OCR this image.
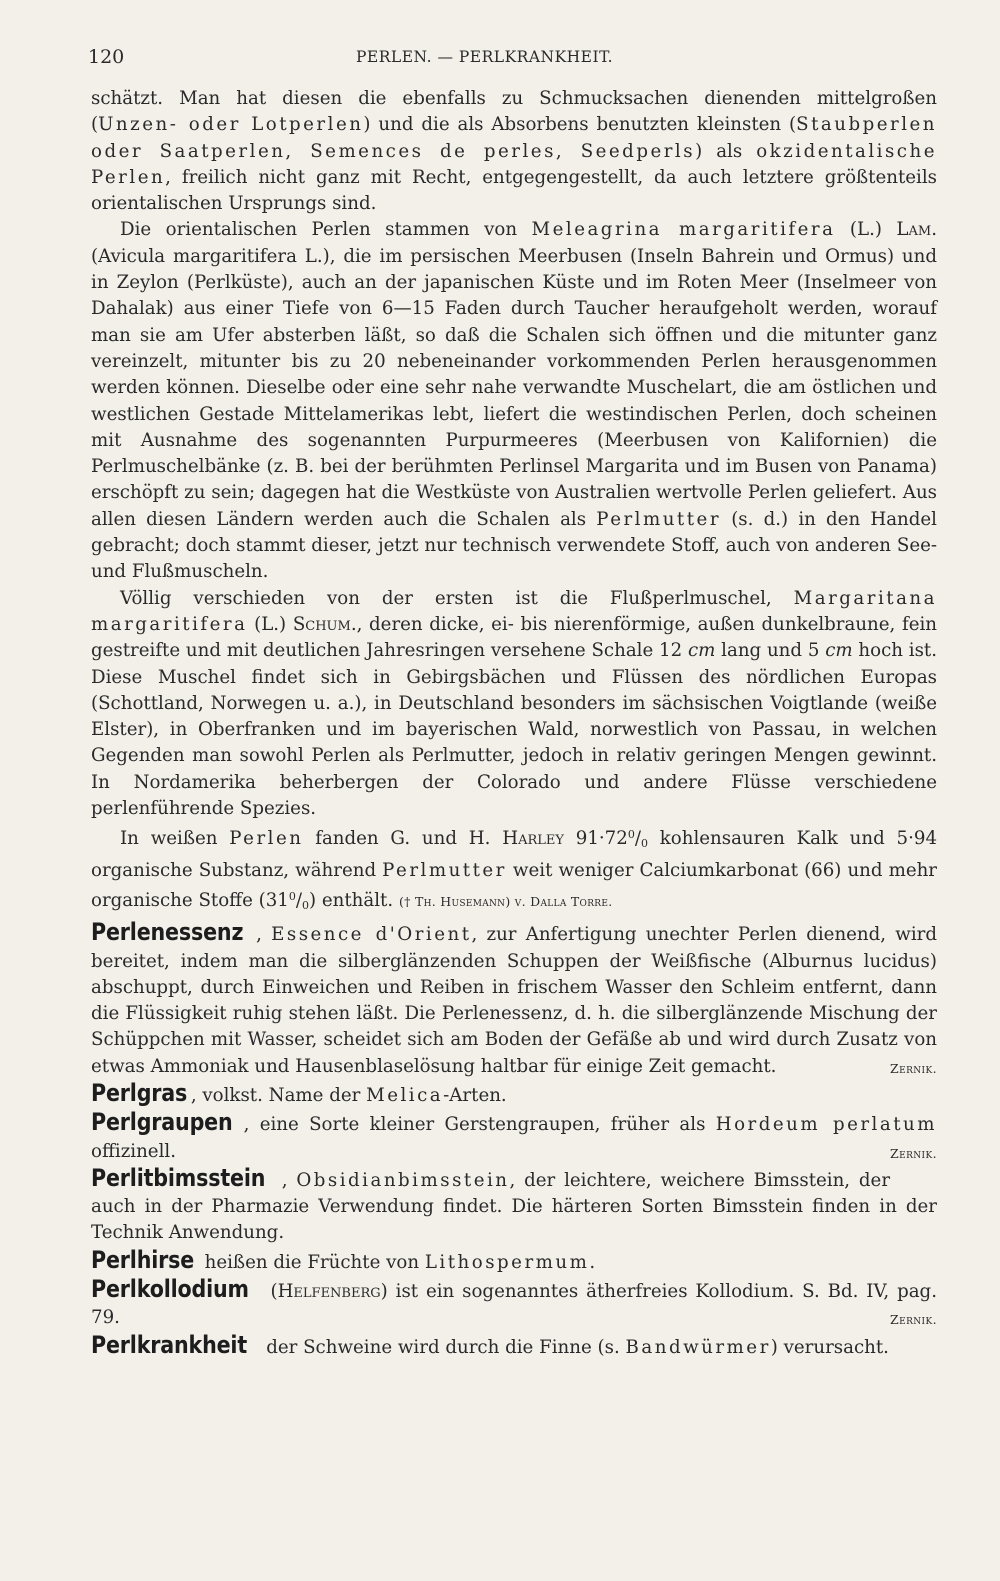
120	PERLEN. — PERLKRANKHEIT.

schätzt. Man hat diesen die ebenfalls zu Schmucksachen dienenden mittelgroßen (Unzen- oder Lotperlen) und die als Absorbens benutzten kleinsten (Staubperlen oder Saatperlen, Semences de perles, Seedperls) als okzidentalische Perlen, freilich nicht ganz mit Recht, entgegengestellt, da auch letztere größtenteils orientalischen Ursprungs sind.

Die orientalischen Perlen stammen von Meleagrina margaritifera (L.) Lam. (Avicula margaritifera L.), die im persischen Meerbusen (Inseln Bahrein und Ormus) und in Zeylon (Perlküste), auch an der japanischen Küste und im Roten Meer (Inselmeer von Dahalak) aus einer Tiefe von 6—15 Faden durch Taucher heraufgeholt werden, worauf man sie am Ufer absterben läßt, so daß die Schalen sich öffnen und die mitunter ganz vereinzelt, mitunter bis zu 20 nebeneinander vorkommenden Perlen herausgenommen werden können. Dieselbe oder eine sehr nahe verwandte Muschelart, die am östlichen und westlichen Gestade Mittelamerikas lebt, liefert die westindischen Perlen, doch scheinen mit Ausnahme des sogenannten Purpurmeeres (Meerbusen von Kalifornien) die Perlmuschelbänke (z. B. bei der berühmten Perlinsel Margarita und im Busen von Panama) erschöpft zu sein; dagegen hat die Westküste von Australien wertvolle Perlen geliefert. Aus allen diesen Ländern werden auch die Schalen als Perlmutter (s. d.) in den Handel gebracht; doch stammt dieser, jetzt nur technisch verwendete Stoff, auch von anderen See- und Flußmuscheln.

Völlig verschieden von der ersten ist die Flußperlmuschel, Margaritana margaritifera (L.) Schum., deren dicke, ei- bis nierenförmige, außen dunkelbraune, fein gestreifte und mit deutlichen Jahresringen versehene Schale 12 cm lang und 5 cm hoch ist. Diese Muschel findet sich in Gebirgsbächen und Flüssen des nördlichen Europas (Schottland, Norwegen u. a.), in Deutschland besonders im sächsischen Voigtlande (weiße Elster), in Oberfranken und im bayerischen Wald, norwestlich von Passau, in welchen Gegenden man sowohl Perlen als Perlmutter, jedoch in relativ geringen Mengen gewinnt. In Nordamerika beherbergen der Colorado und andere Flüsse verschiedene perlenführende Spezies.

In weißen Perlen fanden G. und H. Harley $91\cdot 72^0/_0$ kohlensauren Kalk und 5·94 organische Substanz, während Perlmutter weit weniger Calciumkarbonat (66) und mehr organische Stoffe $(31^0/_0)$ enthält. († Th. Husemann) v. Dalla Torre.

Perlenessenz , Essence d'Orient, zur Anfertigung unechter Perlen dienend, wird bereitet, indem man die silberglänzenden Schuppen der Weißfische (Alburnus lucidus) abschuppt, durch Einweichen und Reiben in frischem Wasser den Schleim entfernt, dann die Flüssigkeit ruhig stehen läßt. Die Perlenessenz, d. h. die silberglänzende Mischung der Schüppchen mit Wasser, scheidet sich am Boden der Gefäße ab und wird durch Zusatz von etwas Ammoniak und Hausenblaselösung haltbar für einige Zeit gemacht.	Zernik.

Perlgras , volkst. Name der Melica-Arten.

Perlgraupen , eine Sorte kleiner Gerstengraupen, früher als Hordeum perlatum offizinell.	Zernik.

Perlitbimsstein , Obsidianbimsstein, der leichtere, weichere Bimsstein, der auch in der Pharmazie Verwendung findet. Die härteren Sorten Bimsstein finden in der Technik Anwendung.

Perlhirse heißen die Früchte von Lithospermum.

Perlkollodium (Helfenberg) ist ein sogenanntes ätherfreies Kollodium. S. Bd. IV, pag. 79.	Zernik.

Perlkrankheit der Schweine wird durch die Finne (s. Bandwürmer) verursacht.
